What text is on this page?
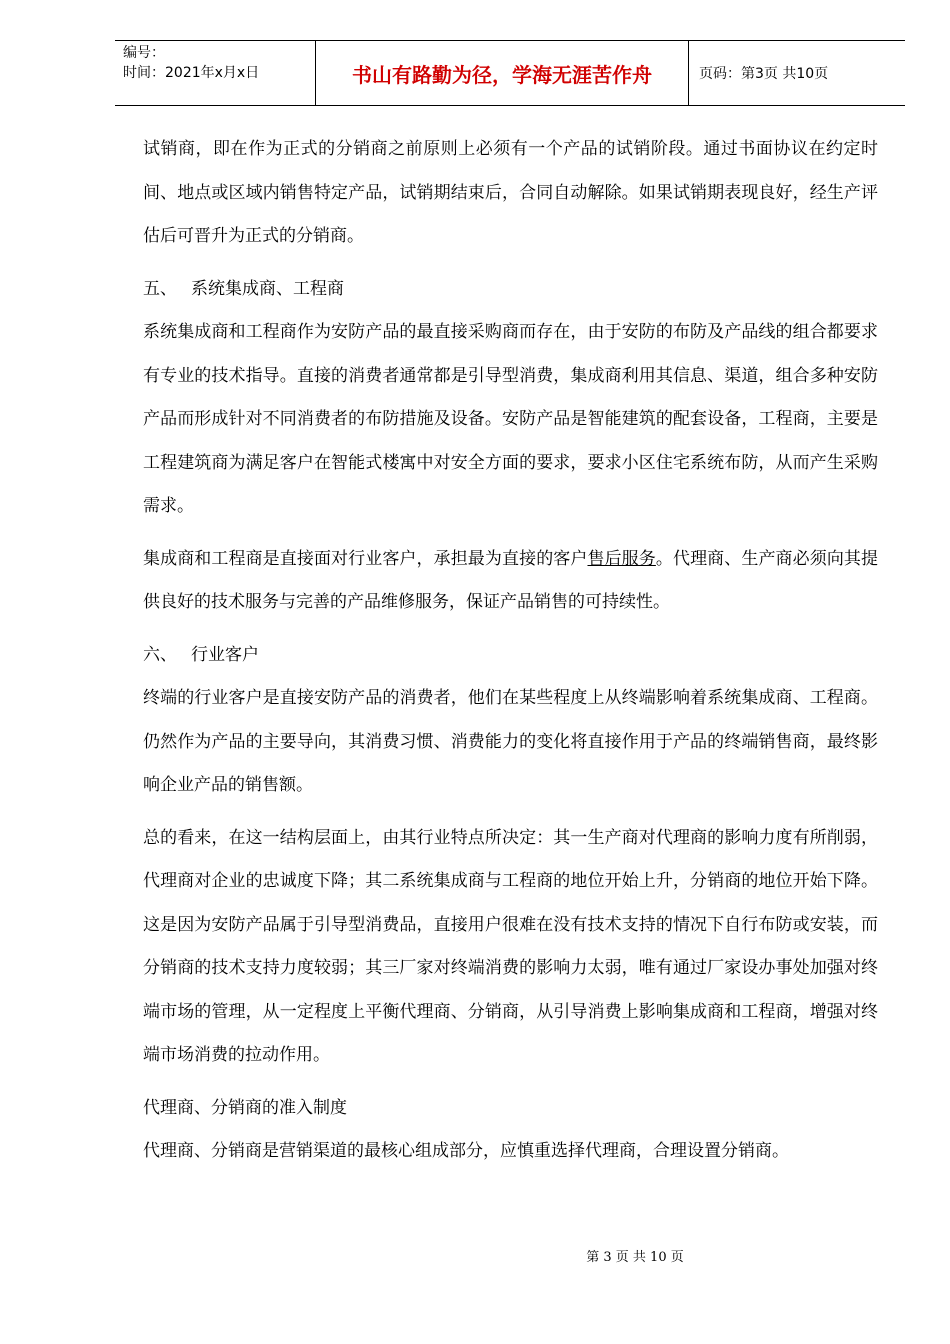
编号：
时间：2021年x月x日	书山有路勤为径，学海无涯苦作舟	页码：第3页 共10页

试销商，即在作为正式的分销商之前原则上必须有一个产品的试销阶段。通过书面协议在约定时间、地点或区域内销售特定产品，试销期结束后，合同自动解除。如果试销期表现良好，经生产评估后可晋升为正式的分销商。

五、 系统集成商、工程商

系统集成商和工程商作为安防产品的最直接采购商而存在，由于安防的布防及产品线的组合都要求有专业的技术指导。直接的消费者通常都是引导型消费，集成商利用其信息、渠道，组合多种安防产品而形成针对不同消费者的布防措施及设备。安防产品是智能建筑的配套设备，工程商，主要是工程建筑商为满足客户在智能式楼寓中对安全方面的要求，要求小区住宅系统布防，从而产生采购需求。

集成商和工程商是直接面对行业客户，承担最为直接的客户售后服务。代理商、生产商必须向其提供良好的技术服务与完善的产品维修服务，保证产品销售的可持续性。

六、 行业客户

终端的行业客户是直接安防产品的消费者，他们在某些程度上从终端影响着系统集成商、工程商。仍然作为产品的主要导向，其消费习惯、消费能力的变化将直接作用于产品的终端销售商，最终影响企业产品的销售额。

总的看来，在这一结构层面上，由其行业特点所决定：其一生产商对代理商的影响力度有所削弱，代理商对企业的忠诚度下降；其二系统集成商与工程商的地位开始上升，分销商的地位开始下降。这是因为安防产品属于引导型消费品，直接用户很难在没有技术支持的情况下自行布防或安装，而分销商的技术支持力度较弱；其三厂家对终端消费的影响力太弱，唯有通过厂家设办事处加强对终端市场的管理，从一定程度上平衡代理商、分销商，从引导消费上影响集成商和工程商，增强对终端市场消费的拉动作用。

代理商、分销商的准入制度

代理商、分销商是营销渠道的最核心组成部分，应慎重选择代理商，合理设置分销商。

第 3 页 共 10 页
